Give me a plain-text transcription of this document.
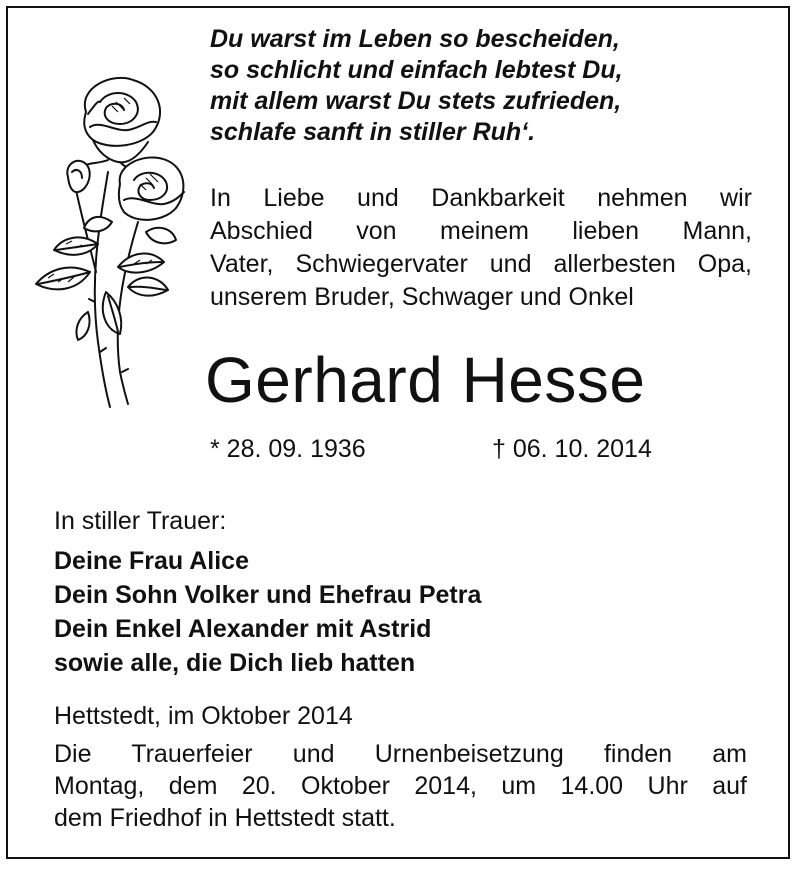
Du warst im Leben so bescheiden,
so schlicht und einfach lebtest Du,
mit allem warst Du stets zufrieden,
schlafe sanft in stiller Ruh‘.
In Liebe und Dankbarkeit nehmen wir
Abschied von meinem lieben Mann,
Vater, Schwiegervater und allerbesten Opa,
unserem Bruder, Schwager und Onkel
Gerhard Hesse
* 28. 09. 1936	† 06. 10. 2014
In stiller Trauer:
Deine Frau Alice
Dein Sohn Volker und Ehefrau Petra
Dein Enkel Alexander mit Astrid
sowie alle, die Dich lieb hatten
Hettstedt, im Oktober 2014
Die Trauerfeier und Urnenbeisetzung finden am
Montag, dem 20. Oktober 2014, um 14.00 Uhr auf
dem Friedhof in Hettstedt statt.
